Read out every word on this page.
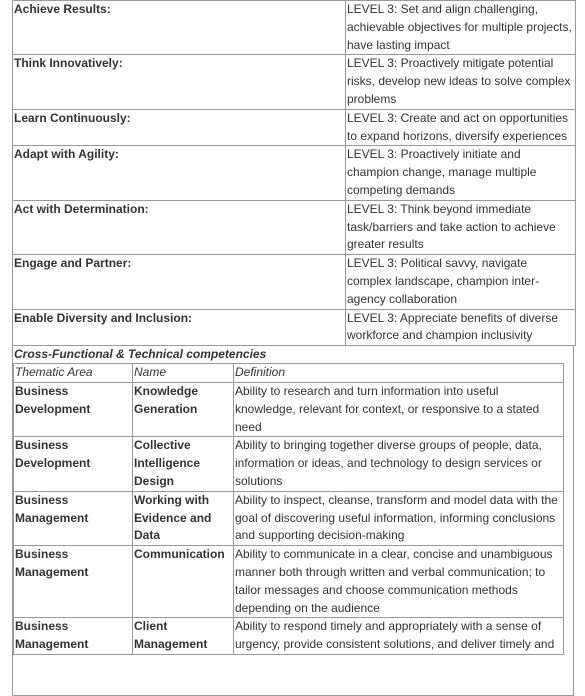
Achieve Results:	LEVEL 3: Set and align challenging, achievable objectives for multiple projects, have lasting impact
Think Innovatively:	LEVEL 3: Proactively mitigate potential risks, develop new ideas to solve complex problems
Learn Continuously:	LEVEL 3: Create and act on opportunities to expand horizons, diversify experiences
Adapt with Agility:	LEVEL 3: Proactively initiate and champion change, manage multiple competing demands
Act with Determination:	LEVEL 3: Think beyond immediate task/barriers and take action to achieve greater results
Engage and Partner:	LEVEL 3: Political savvy, navigate complex landscape, champion inter-agency collaboration
Enable Diversity and Inclusion:	LEVEL 3: Appreciate benefits of diverse workforce and champion inclusivity
Cross-Functional & Technical competencies
Thematic Area	Name	Definition
Business Development	Knowledge Generation	Ability to research and turn information into useful knowledge, relevant for context, or responsive to a stated need
Business Development	Collective Intelligence Design	Ability to bringing together diverse groups of people, data, information or ideas, and technology to design services or solutions
Business Management	Working with Evidence and Data	Ability to inspect, cleanse, transform and model data with the goal of discovering useful information, informing conclusions and supporting decision-making
Business Management	Communication	Ability to communicate in a clear, concise and unambiguous manner both through written and verbal communication; to tailor messages and choose communication methods depending on the audience
Business Management	Client Management	Ability to respond timely and appropriately with a sense of urgency, provide consistent solutions, and deliver timely and
